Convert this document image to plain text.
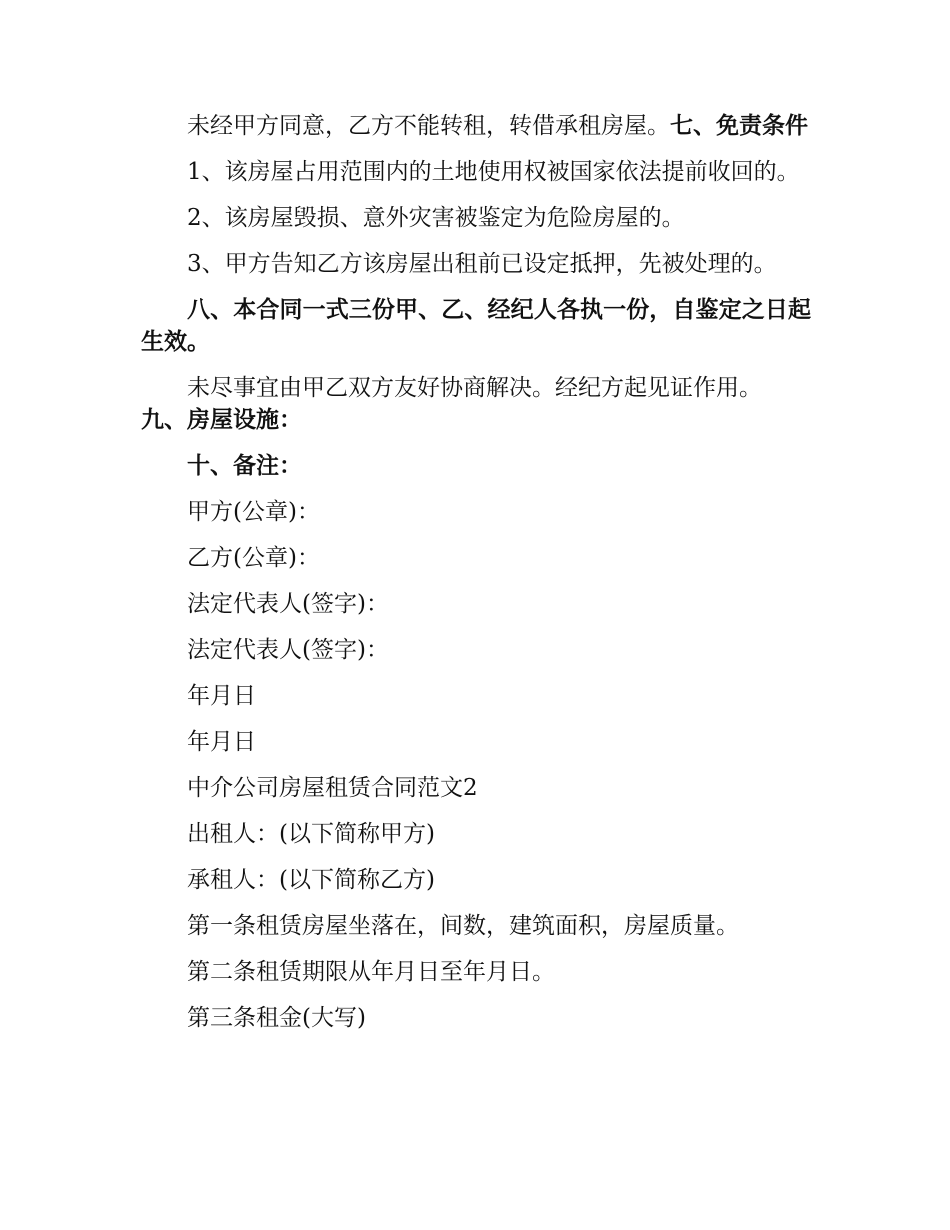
未经甲方同意，乙方不能转租，转借承租房屋。七、免责条件

1、该房屋占用范围内的土地使用权被国家依法提前收回的。

2、该房屋毁损、意外灾害被鉴定为危险房屋的。

3、甲方告知乙方该房屋出租前已设定抵押，先被处理的。

八、本合同一式三份甲、乙、经纪人各执一份，自鉴定之日起生效。

未尽事宜由甲乙双方友好协商解决。经纪方起见证作用。

九、房屋设施：

十、备注：

甲方(公章)：

乙方(公章)：

法定代表人(签字)：

法定代表人(签字)：

年月日

年月日

中介公司房屋租赁合同范文2

出租人：(以下简称甲方)

承租人：(以下简称乙方)

第一条租赁房屋坐落在，间数，建筑面积，房屋质量。

第二条租赁期限从年月日至年月日。

第三条租金(大写)
